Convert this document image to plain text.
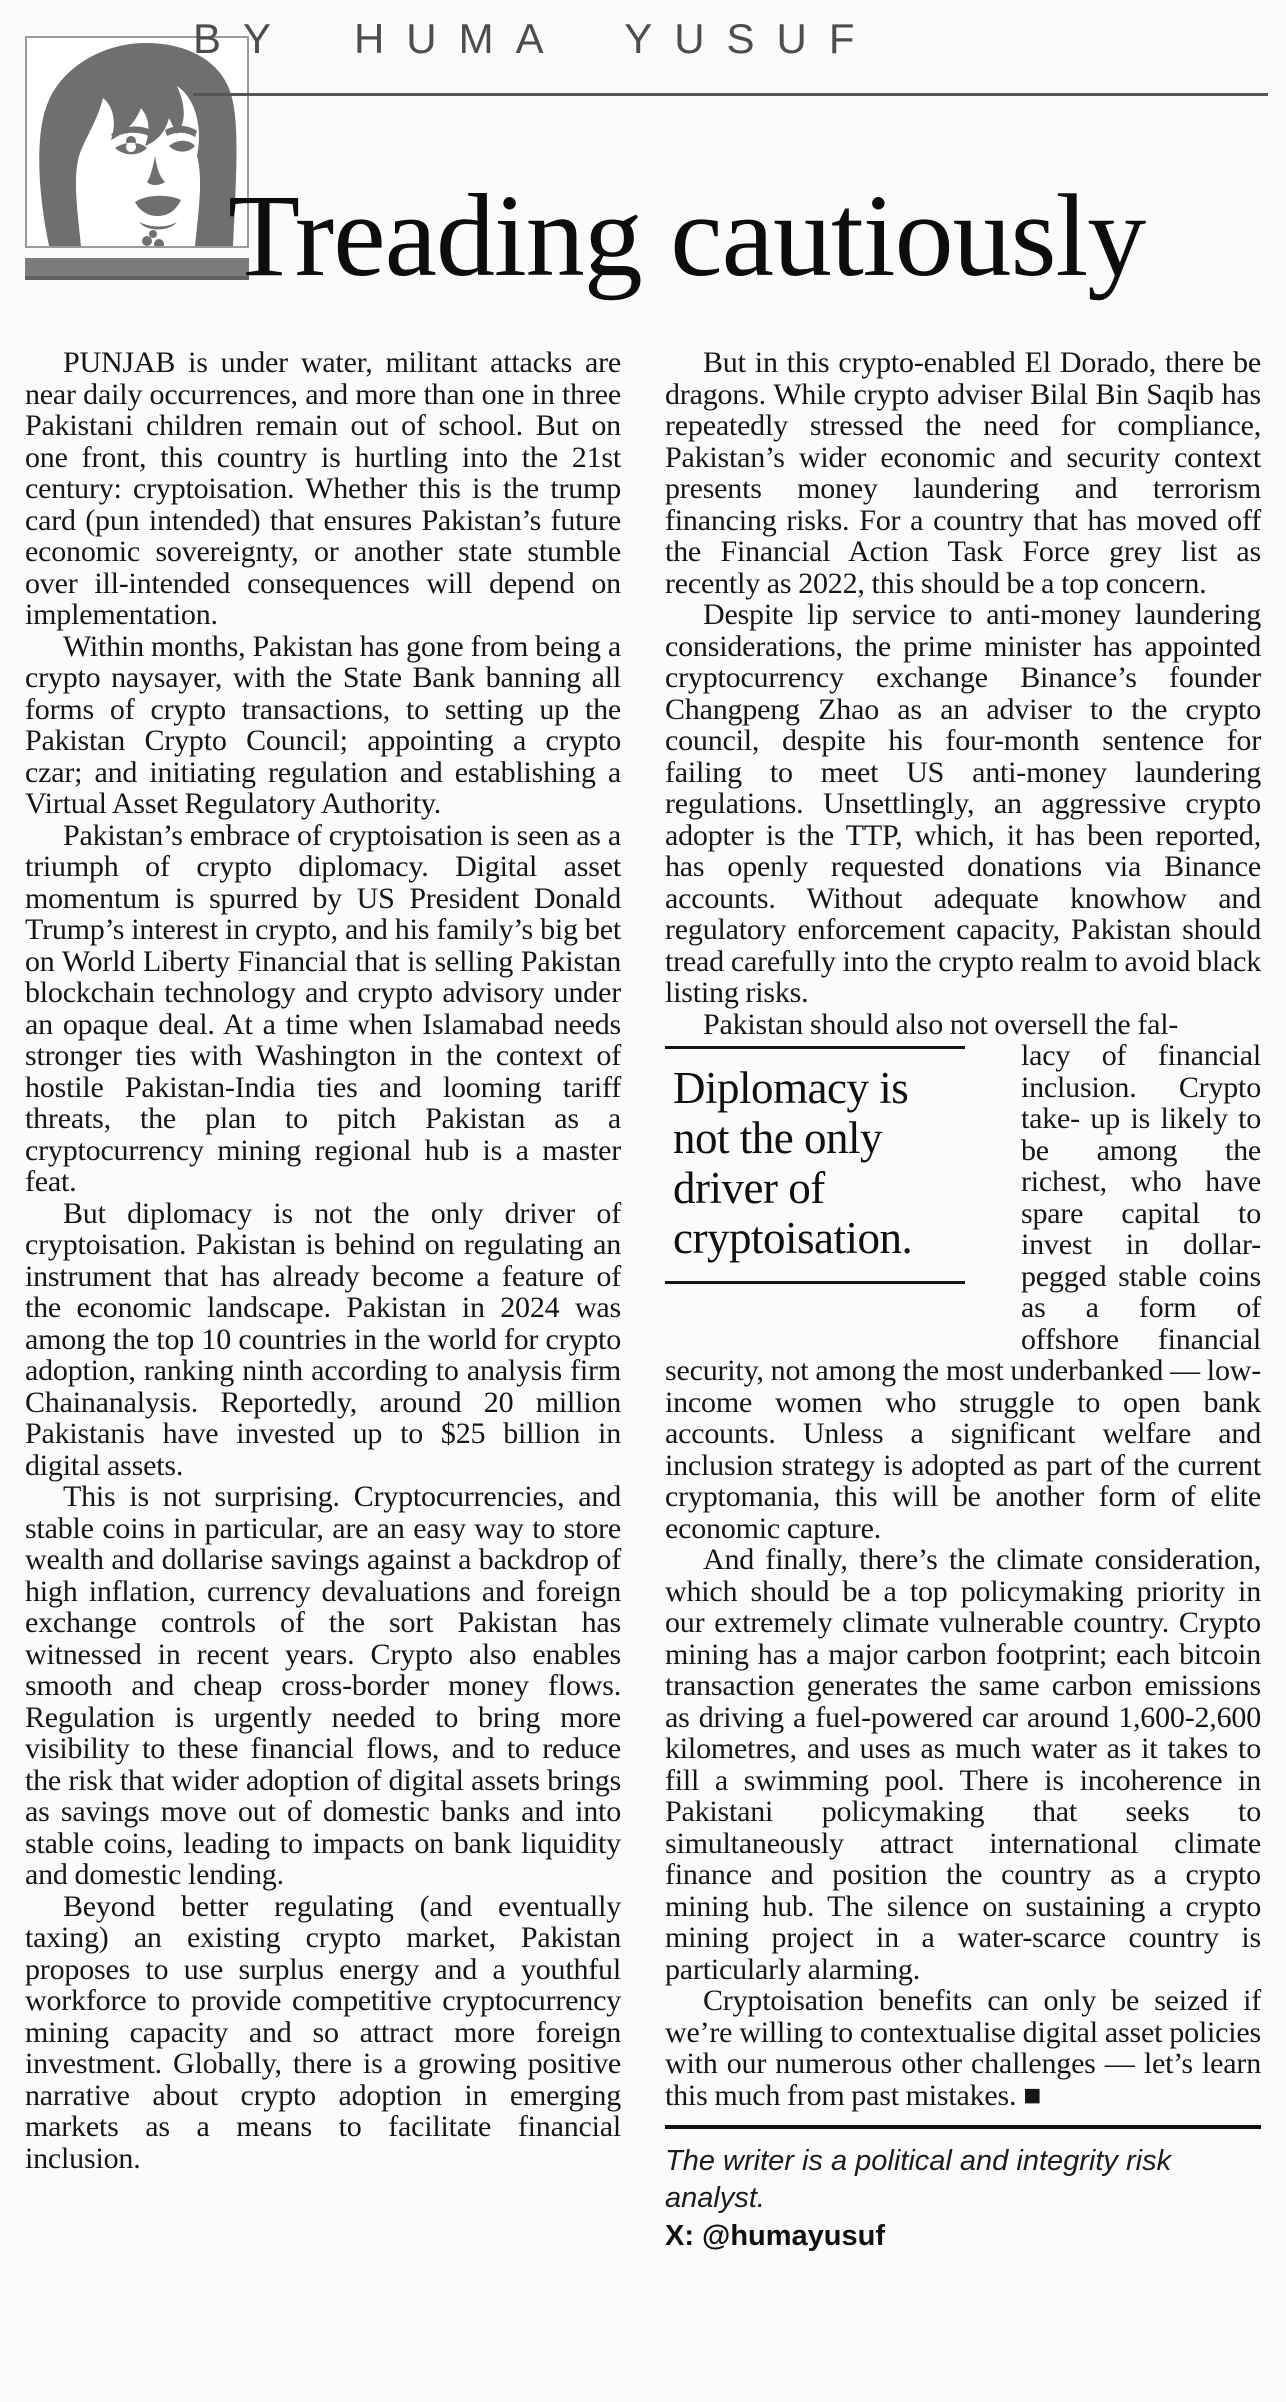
BY HUMA YUSUF
Treading cautiously

PUNJAB is under water, militant attacks are near daily occurrences, and more than one in three Pakistani children remain out of school. But on one front, this country is hurtling into the 21st century: cryptoisation. Whether this is the trump card (pun intended) that ensures Pakistan’s future economic sovereignty, or another state stumble over ill-intended consequences will depend on implementation.

Within months, Pakistan has gone from being a crypto naysayer, with the State Bank banning all forms of crypto transactions, to setting up the Pakistan Crypto Council; appointing a crypto czar; and initiating regulation and establishing a Virtual Asset Regulatory Authority.

Pakistan’s embrace of cryptoisation is seen as a triumph of crypto diplomacy. Digital asset momentum is spurred by US President Donald Trump’s interest in crypto, and his family’s big bet on World Liberty Financial that is selling Pakistan blockchain technology and crypto advisory under an opaque deal. At a time when Islamabad needs stronger ties with Washington in the context of hostile Pakistan-India ties and looming tariff threats, the plan to pitch Pakistan as a cryptocurrency mining regional hub is a master feat.

But diplomacy is not the only driver of cryptoisation. Pakistan is behind on regulating an instrument that has already become a feature of the economic landscape. Pakistan in 2024 was among the top 10 countries in the world for crypto adoption, ranking ninth according to analysis firm Chainanalysis. Reportedly, around 20 million Pakistanis have invested up to $25 billion in digital assets.

This is not surprising. Cryptocurrencies, and stable coins in particular, are an easy way to store wealth and dollarise savings against a backdrop of high inflation, currency devaluations and foreign exchange controls of the sort Pakistan has witnessed in recent years. Crypto also enables smooth and cheap cross-border money flows. Regulation is urgently needed to bring more visibility to these financial flows, and to reduce the risk that wider adoption of digital assets brings as savings move out of domestic banks and into stable coins, leading to impacts on bank liquidity and domestic lending.

Beyond better regulating (and eventually taxing) an existing crypto market, Pakistan proposes to use surplus energy and a youthful workforce to provide competitive cryptocurrency mining capacity and so attract more foreign investment. Globally, there is a growing positive narrative about crypto adoption in emerging markets as a means to facilitate financial inclusion.

But in this crypto-enabled El Dorado, there be dragons. While crypto adviser Bilal Bin Saqib has repeatedly stressed the need for compliance, Pakistan’s wider economic and security context presents money laundering and terrorism financing risks. For a country that has moved off the Financial Action Task Force grey list as recently as 2022, this should be a top concern.

Despite lip service to anti-money laundering considerations, the prime minister has appointed cryptocurrency exchange Binance’s founder Changpeng Zhao as an adviser to the crypto council, despite his four-month sentence for failing to meet US anti-money laundering regulations. Unsettlingly, an aggressive crypto adopter is the TTP, which, it has been reported, has openly requested donations via Binance accounts. Without adequate knowhow and regulatory enforcement capacity, Pakistan should tread carefully into the crypto realm to avoid black listing risks.

Pakistan should also not oversell the fal-

Diplomacy is not the only driver of cryptoisation.

lacy of financial inclusion. Crypto take- up is likely to be among the richest, who have spare capital to invest in dollar-pegged stable coins as a form of offshore financial security, not among the most underbanked — low-income women who struggle to open bank accounts. Unless a significant welfare and inclusion strategy is adopted as part of the current cryptomania, this will be another form of elite economic capture.

And finally, there’s the climate consideration, which should be a top policymaking priority in our extremely climate vulnerable country. Crypto mining has a major carbon footprint; each bitcoin transaction generates the same carbon emissions as driving a fuel-powered car around 1,600-2,600 kilometres, and uses as much water as it takes to fill a swimming pool. There is incoherence in Pakistani policymaking that seeks to simultaneously attract international climate finance and position the country as a crypto mining hub. The silence on sustaining a crypto mining project in a water-scarce country is particularly alarming.

Cryptoisation benefits can only be seized if we’re willing to contextualise digital asset policies with our numerous other challenges — let’s learn this much from past mistakes. ■

The writer is a political and integrity risk analyst.
X: @humayusuf
